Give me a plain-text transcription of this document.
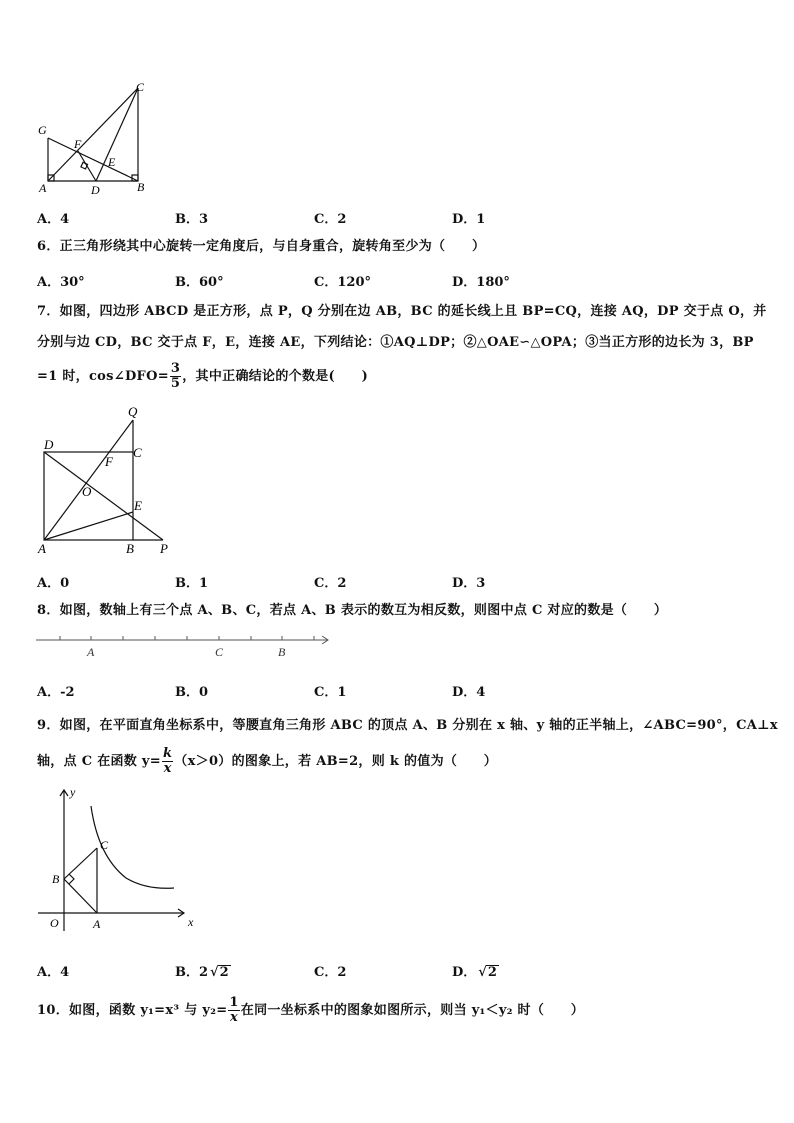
G
F
E
C
A	D	B
A．4	B．3	C．2	D．1
6．正三角形绕其中心旋转一定角度后，与自身重合，旋转角至少为（　　）
A．30°	B．60°	C．120°	D．180°
7．如图，四边形 ABCD 是正方形，点 P，Q 分别在边 AB，BC 的延长线上且 BP=CQ，连接 AQ，DP 交于点 O，并
分别与边 CD，BC 交于点 F，E，连接 AE，下列结论：①AQ⊥DP；②△OAE∽△OPA；③当正方形的边长为 3，BP
=1 时，cos∠DFO= $\frac{3}{5}$ ，其中正确结论的个数是(　　)
Q
D
C
F
O
E
A	B P
A．0	B．1	C．2	D．3
8．如图，数轴上有三个点 A、B、C，若点 A、B 表示的数互为相反数，则图中点 C 对应的数是（　　）
A	C	B
A．-2	B．0	C．1	D．4
9．如图，在平面直角坐标系中，等腰直角三角形 ABC 的顶点 A、B 分别在 x 轴、y 轴的正半轴上，∠ABC=90°，CA⊥x
轴，点 C 在函数 $y= \frac{k}{x} (x>0)$的图象上，若 AB=2，则 k 的值为（　　）
y
C
B
O	A	x
A．4	B．2 √2	C．2	D． √2
10．如图，函数 y₁=x³ 与 $y_2= \frac{1}{x}$ 在同一坐标系中的图象如图所示，则当 y₁＜y₂ 时（　　）
